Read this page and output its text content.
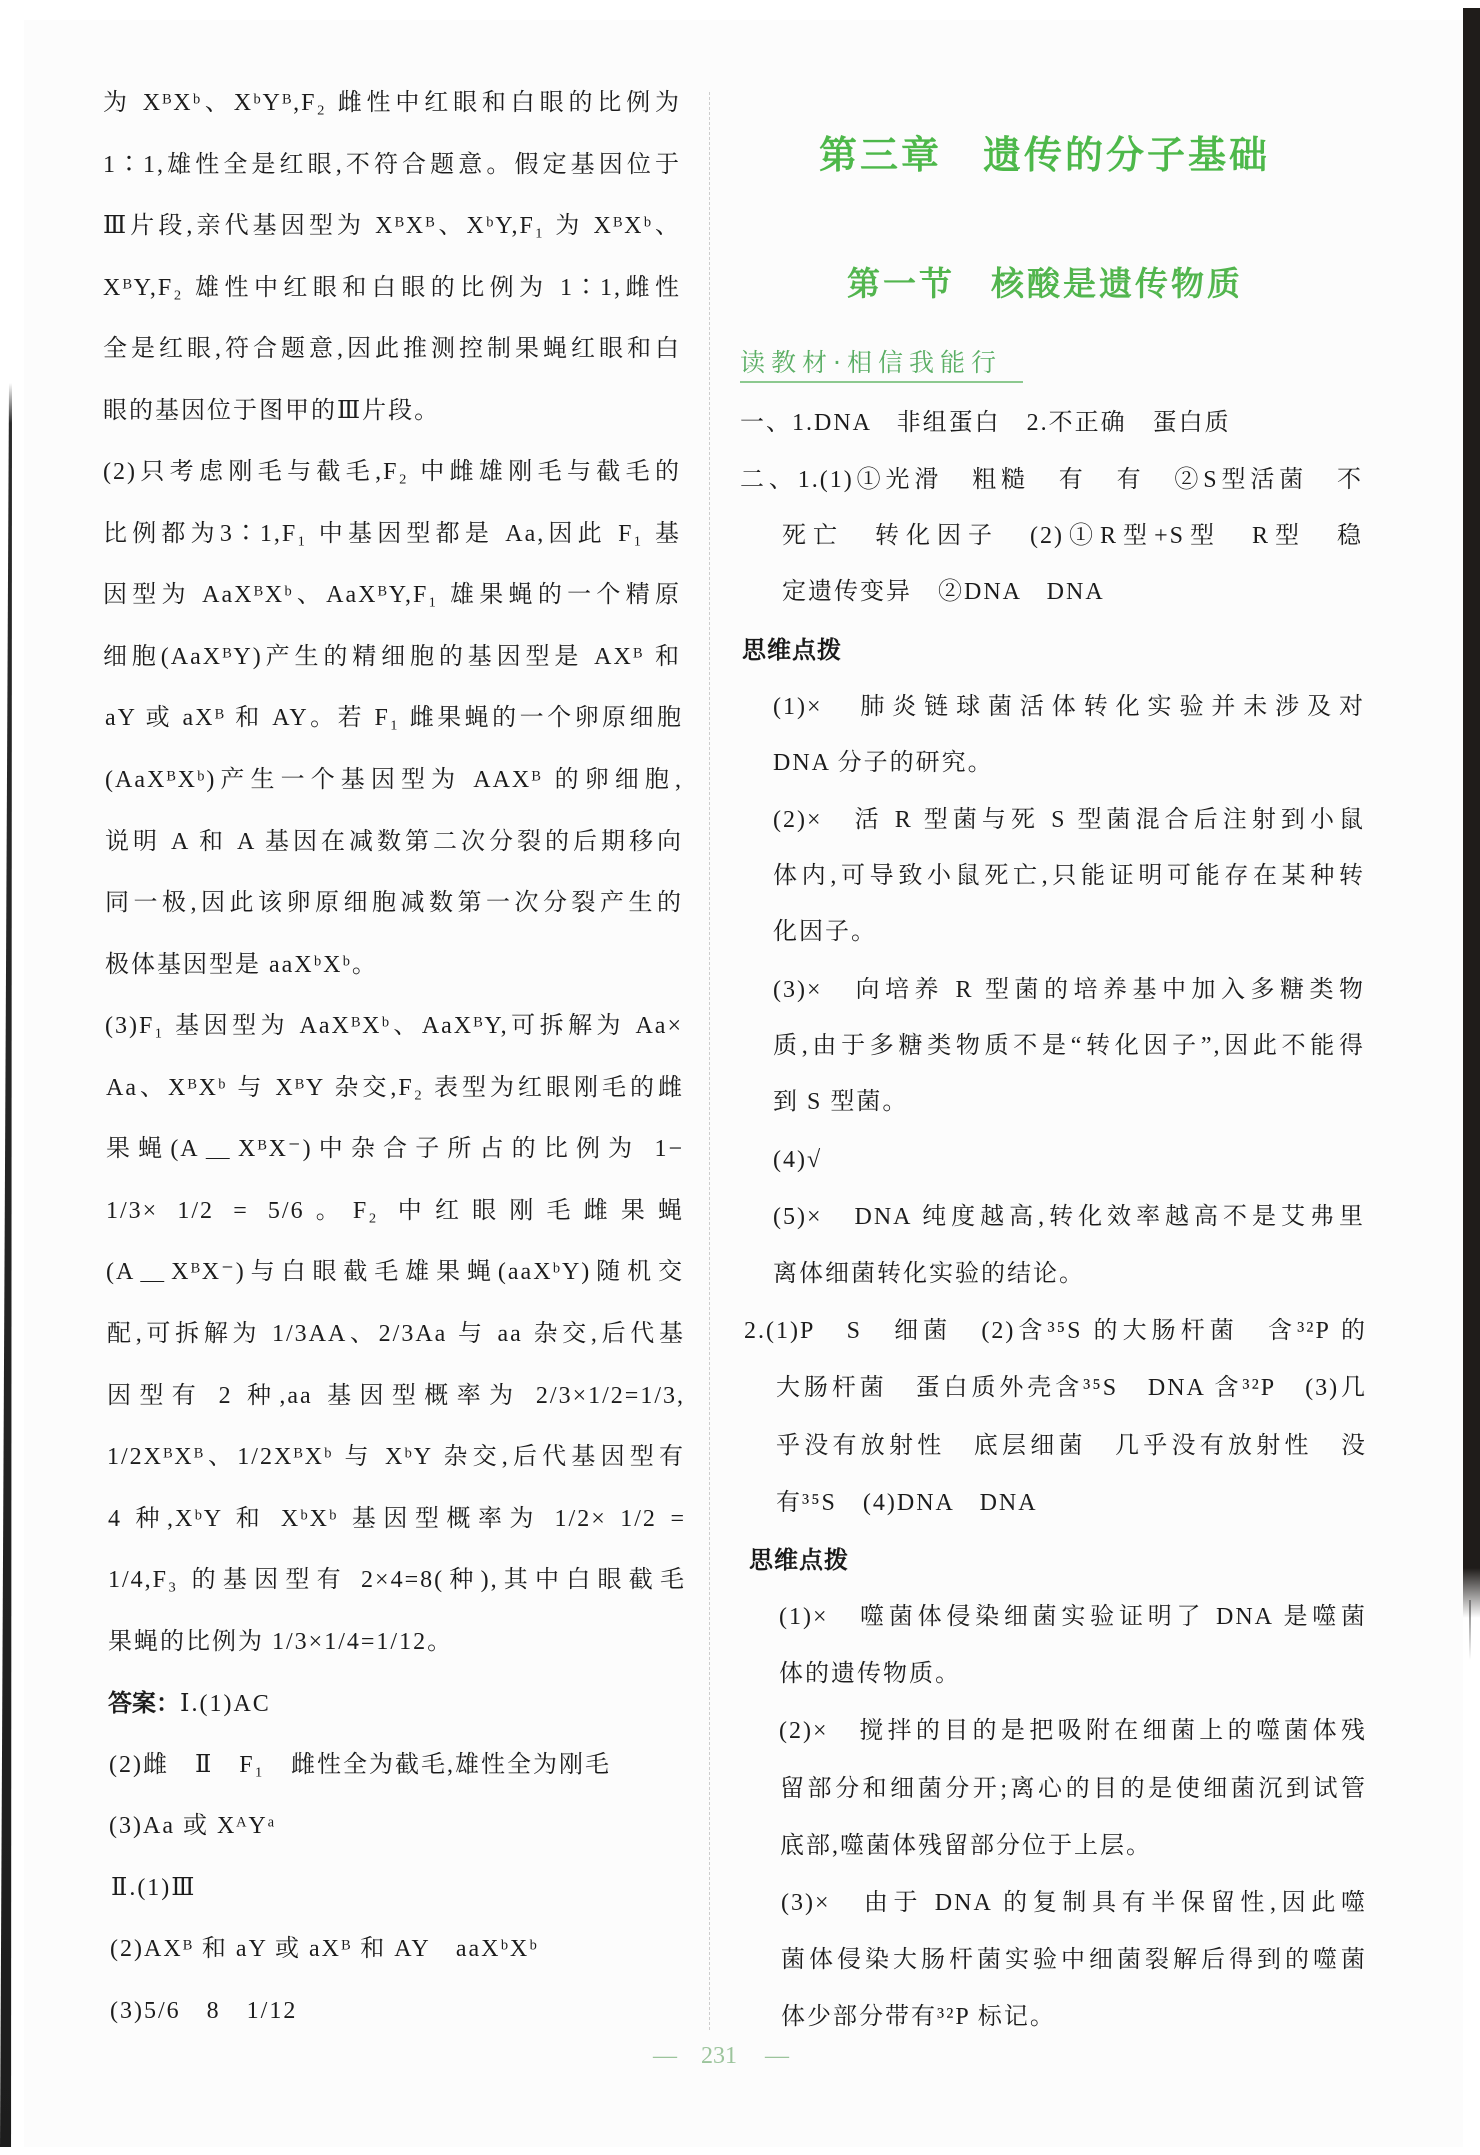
为 XᴮXᵇ、XᵇYᴮ,F₂ 雌性中红眼和白眼的比例为
1∶1,雄性全是红眼,不符合题意。假定基因位于
Ⅲ片段,亲代基因型为 XᴮXᴮ、XᵇY,F₁ 为 XᴮXᵇ、
XᴮY,F₂ 雄性中红眼和白眼的比例为 1∶1,雌性
全是红眼,符合题意,因此推测控制果蝇红眼和白
眼的基因位于图甲的Ⅲ片段。
(2)只考虑刚毛与截毛,F₂ 中雌雄刚毛与截毛的
比例都为3∶1,F₁ 中基因型都是 Aa,因此 F₁ 基
因型为 AaXᴮXᵇ、AaXᴮY,F₁ 雄果蝇的一个精原
细胞(AaXᴮY)产生的精细胞的基因型是 AXᴮ 和
aY 或 aXᴮ 和 AY。若 F₁ 雌果蝇的一个卵原细胞
(AaXᴮXᵇ)产生一个基因型为 AAXᴮ 的卵细胞,
说明 A 和 A 基因在减数第二次分裂的后期移向
同一极,因此该卵原细胞减数第一次分裂产生的
极体基因型是 aaXᵇXᵇ。
(3)F₁ 基因型为 AaXᴮXᵇ、AaXᴮY,可拆解为 Aa×
Aa、XᴮXᵇ 与 XᴮY 杂交,F₂ 表型为红眼刚毛的雌
果蝇(A＿XᴮX⁻)中杂合子所占的比例为 1−
1/3× 1/2 = 5/6。F₂ 中红眼刚毛雌果蝇
(A＿XᴮX⁻)与白眼截毛雄果蝇(aaXᵇY)随机交
配,可拆解为 1/3AA、2/3Aa 与 aa 杂交,后代基
因型有 2 种,aa 基因型概率为 2/3×1/2=1/3,
1/2XᴮXᴮ、1/2XᴮXᵇ 与 XᵇY 杂交,后代基因型有
4 种,XᵇY 和 XᵇXᵇ 基因型概率为 1/2× 1/2 =
1/4,F₃ 的基因型有 2×4=8(种),其中白眼截毛
果蝇的比例为 1/3×1/4=1/12。
答案：Ⅰ.(1)AC
(2)雌　Ⅱ　F₁　雌性全为截毛,雄性全为刚毛
(3)Aa 或 XᴬYᵃ
Ⅱ.(1)Ⅲ
(2)AXᴮ 和 aY 或 aXᴮ 和 AY　aaXᵇXᵇ
(3)5/6　8　1/12
第三章　遗传的分子基础
第一节　核酸是遗传物质
读教材·相信我能行
一、1.DNA　非组蛋白　2.不正确　蛋白质
二、1.(1)①光滑　粗糙　有　有　②S型活菌　不
死亡　转化因子　(2)①R型+S型　R型　稳
定遗传变异　②DNA　DNA
思维点拨
(1)×　肺炎链球菌活体转化实验并未涉及对
DNA 分子的研究。
(2)×　活 R 型菌与死 S 型菌混合后注射到小鼠
体内,可导致小鼠死亡,只能证明可能存在某种转
化因子。
(3)×　向培养 R 型菌的培养基中加入多糖类物
质,由于多糖类物质不是“转化因子”,因此不能得
到 S 型菌。
(4)√
(5)×　DNA 纯度越高,转化效率越高不是艾弗里
离体细菌转化实验的结论。
2.(1)P　S　细菌　(2)含³⁵S 的大肠杆菌　含³²P 的
大肠杆菌　蛋白质外壳含³⁵S　DNA 含³²P　(3)几
乎没有放射性　底层细菌　几乎没有放射性　没
有³⁵S　(4)DNA　DNA
思维点拨
(1)×　噬菌体侵染细菌实验证明了 DNA 是噬菌
体的遗传物质。
(2)×　搅拌的目的是把吸附在细菌上的噬菌体残
留部分和细菌分开;离心的目的是使细菌沉到试管
底部,噬菌体残留部分位于上层。
(3)×　由于 DNA 的复制具有半保留性,因此噬
菌体侵染大肠杆菌实验中细菌裂解后得到的噬菌
体少部分带有³²P 标记。
— 231 —
